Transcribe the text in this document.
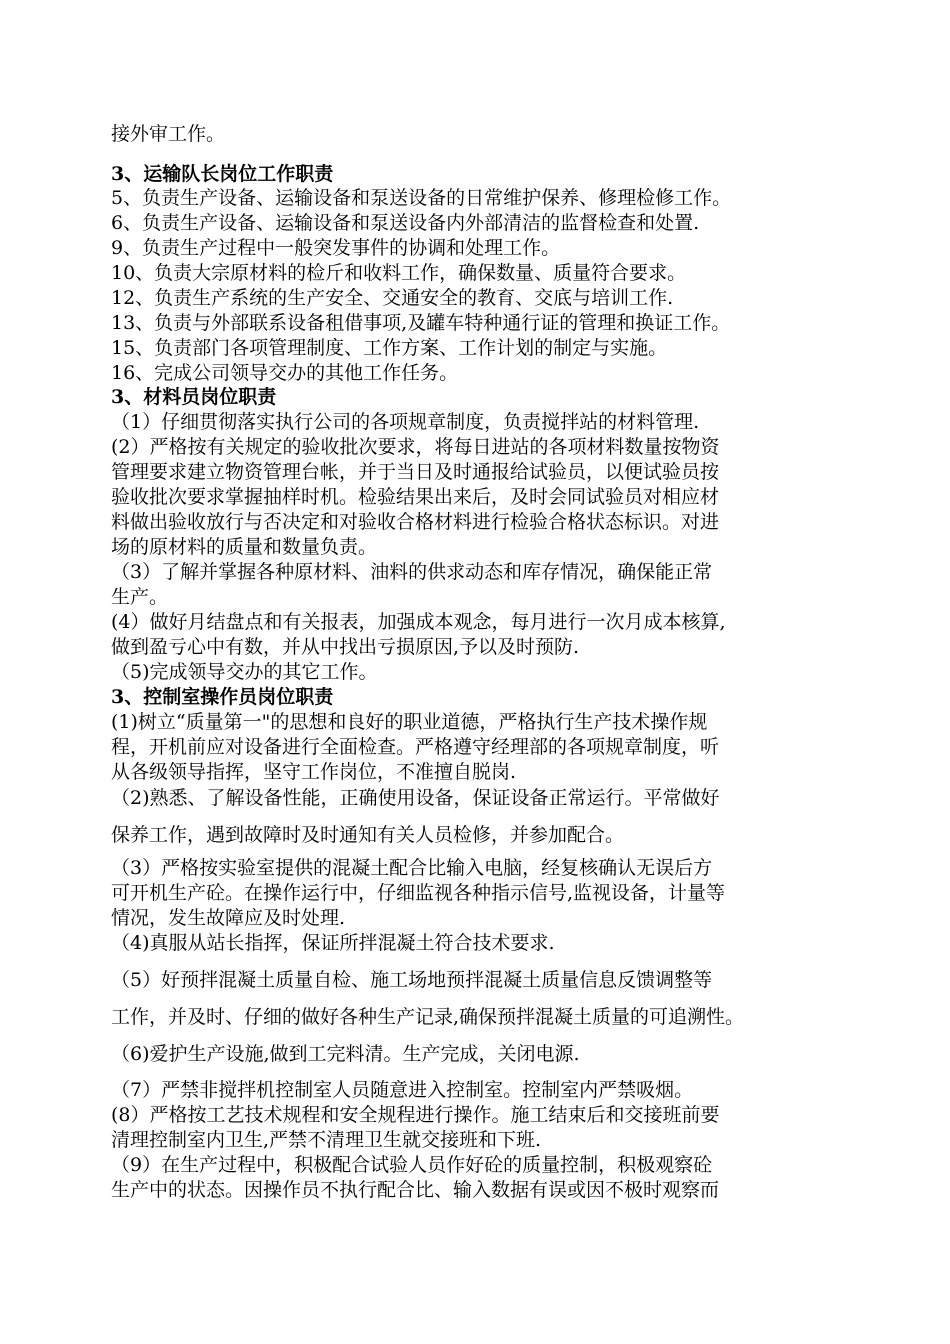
接外审工作。
3、运输队长岗位工作职责
5、负责生产设备、运输设备和泵送设备的日常维护保养、修理检修工作。
6、负责生产设备、运输设备和泵送设备内外部清洁的监督检查和处置.
9、负责生产过程中一般突发事件的协调和处理工作。
10、负责大宗原材料的检斤和收料工作，确保数量、质量符合要求。
12、负责生产系统的生产安全、交通安全的教育、交底与培训工作.
13、负责与外部联系设备租借事项,及罐车特种通行证的管理和换证工作。
15、负责部门各项管理制度、工作方案、工作计划的制定与实施。
16、完成公司领导交办的其他工作任务。
3、材料员岗位职责
（1）仔细贯彻落实执行公司的各项规章制度，负责搅拌站的材料管理.
(2）严格按有关规定的验收批次要求，将每日进站的各项材料数量按物资
管理要求建立物资管理台帐，并于当日及时通报给试验员，以便试验员按
验收批次要求掌握抽样时机。检验结果出来后，及时会同试验员对相应材
料做出验收放行与否决定和对验收合格材料进行检验合格状态标识。对进
场的原材料的质量和数量负责。
（3）了解并掌握各种原材料、油料的供求动态和库存情况，确保能正常
生产。
(4）做好月结盘点和有关报表，加强成本观念，每月进行一次月成本核算,
做到盈亏心中有数，并从中找出亏损原因,予以及时预防.
（5)完成领导交办的其它工作。
3、控制室操作员岗位职责
(1)树立“质量第一"的思想和良好的职业道德，严格执行生产技术操作规
程，开机前应对设备进行全面检查。严格遵守经理部的各项规章制度，听
从各级领导指挥，坚守工作岗位，不准擅自脱岗.
（2)熟悉、了解设备性能，正确使用设备，保证设备正常运行。平常做好
保养工作，遇到故障时及时通知有关人员检修，并参加配合。
（3）严格按实验室提供的混凝土配合比输入电脑，经复核确认无误后方
可开机生产砼。在操作运行中，仔细监视各种指示信号,监视设备，计量等
情况，发生故障应及时处理.
（4)真服从站长指挥，保证所拌混凝土符合技术要求.
（5）好预拌混凝土质量自检、施工场地预拌混凝土质量信息反馈调整等
工作，并及时、仔细的做好各种生产记录,确保预拌混凝土质量的可追溯性。
（6)爱护生产设施,做到工完料清。生产完成，关闭电源.
（7）严禁非搅拌机控制室人员随意进入控制室。控制室内严禁吸烟。
(8）严格按工艺技术规程和安全规程进行操作。施工结束后和交接班前要
清理控制室内卫生,严禁不清理卫生就交接班和下班.
（9）在生产过程中，积极配合试验人员作好砼的质量控制，积极观察砼
生产中的状态。因操作员不执行配合比、输入数据有误或因不极时观察而
